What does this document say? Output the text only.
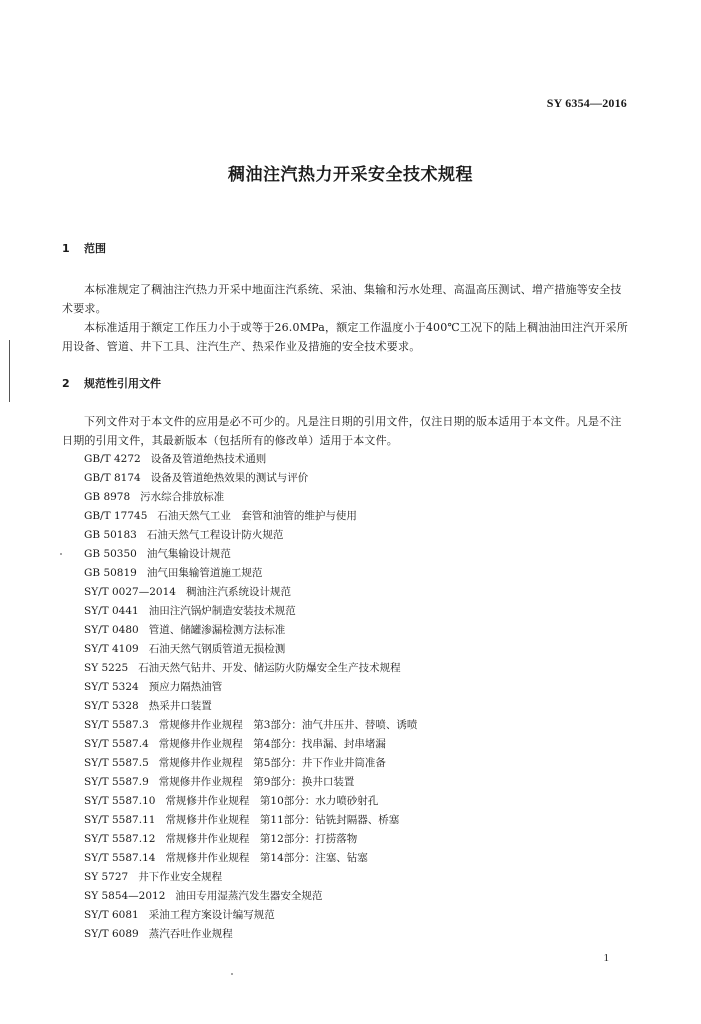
SY 6354—2016
稠油注汽热力开采安全技术规程
1 范围

本标准规定了稠油注汽热力开采中地面注汽系统、采油、集输和污水处理、高温高压测试、增产措施等安全技术要求。

本标准适用于额定工作压力小于或等于26.0MPa，额定工作温度小于400℃工况下的陆上稠油油田注汽开采所用设备、管道、井下工具、注汽生产、热采作业及措施的安全技术要求。

2 规范性引用文件

下列文件对于本文件的应用是必不可少的。凡是注日期的引用文件，仅注日期的版本适用于本文件。凡是不注日期的引用文件，其最新版本（包括所有的修改单）适用于本文件。

GB/T 4272 设备及管道绝热技术通则
GB/T 8174 设备及管道绝热效果的测试与评价
GB 8978 污水综合排放标准
GB/T 17745 石油天然气工业　套管和油管的维护与使用
GB 50183 石油天然气工程设计防火规范
GB 50350 油气集输设计规范
GB 50819 油气田集输管道施工规范
SY/T 0027—2014 稠油注汽系统设计规范
SY/T 0441 油田注汽锅炉制造安装技术规范
SY/T 0480 管道、储罐渗漏检测方法标准
SY/T 4109 石油天然气钢质管道无损检测
SY 5225 石油天然气钻井、开发、储运防火防爆安全生产技术规程
SY/T 5324 预应力隔热油管
SY/T 5328 热采井口装置
SY/T 5587.3 常规修井作业规程　第3部分：油气井压井、替喷、诱喷
SY/T 5587.4 常规修井作业规程　第4部分：找串漏、封串堵漏
SY/T 5587.5 常规修井作业规程　第5部分：井下作业井筒准备
SY/T 5587.9 常规修井作业规程　第9部分：换井口装置
SY/T 5587.10 常规修井作业规程　第10部分：水力喷砂射孔
SY/T 5587.11 常规修井作业规程　第11部分：钻铣封隔器、桥塞
SY/T 5587.12 常规修井作业规程　第12部分：打捞落物
SY/T 5587.14 常规修井作业规程　第14部分：注塞、钻塞
SY 5727 井下作业安全规程
SY 5854—2012 油田专用湿蒸汽发生器安全规范
SY/T 6081 采油工程方案设计编写规范
SY/T 6089 蒸汽吞吐作业规程
1
